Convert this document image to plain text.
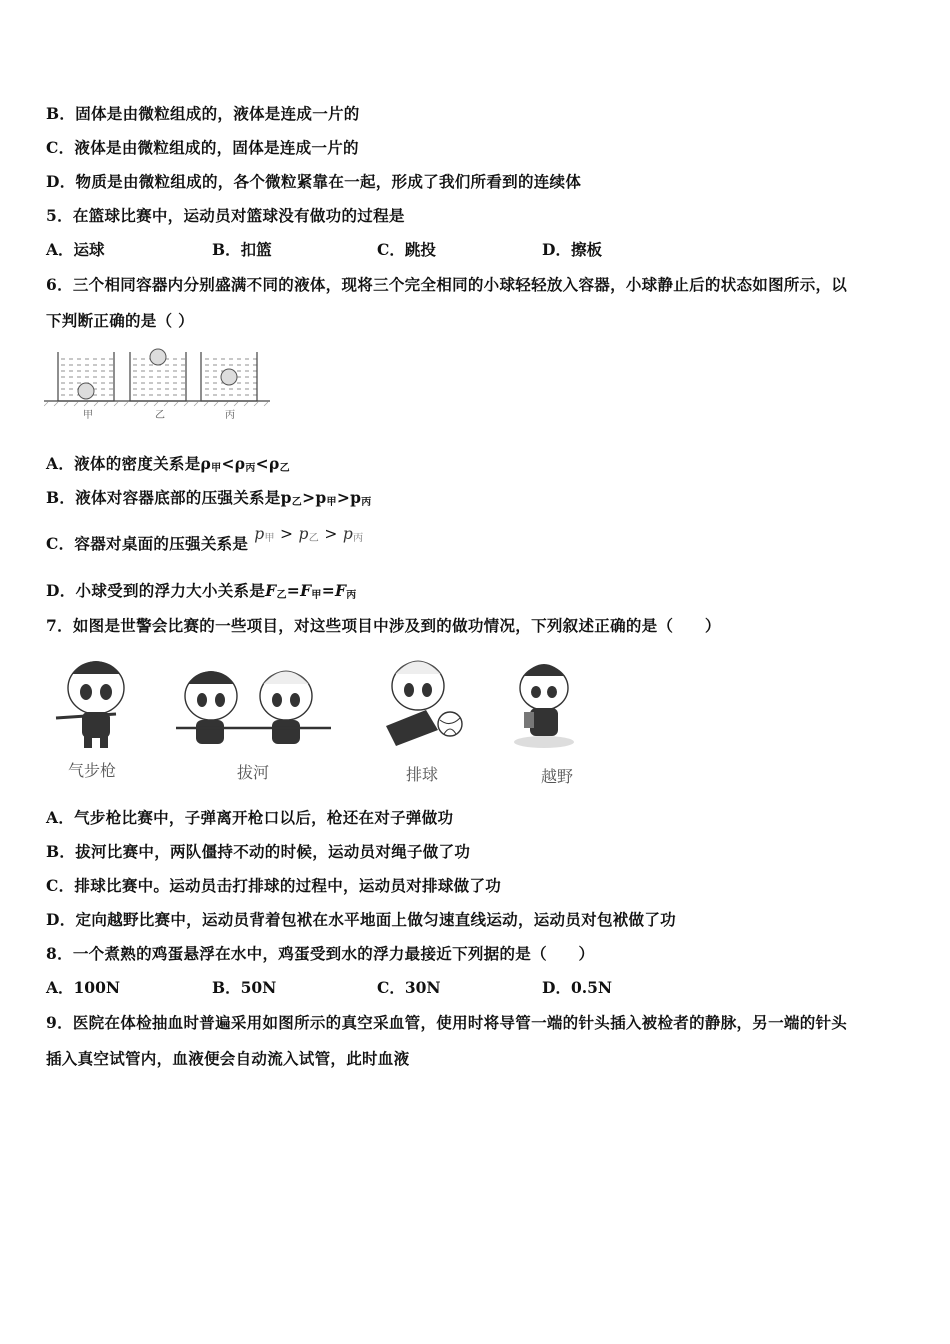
B．固体是由微粒组成的，液体是连成一片的
C．液体是由微粒组成的，固体是连成一片的
D．物质是由微粒组成的，各个微粒紧靠在一起，形成了我们所看到的连续体
5．在篮球比赛中，运动员对篮球没有做功的过程是
A．运球	B．扣篮	C．跳投	D．擦板
6．三个相同容器内分别盛满不同的液体，现将三个完全相同的小球轻轻放入容器，小球静止后的状态如图所示，以
下判断正确的是（ ）
甲	乙	丙
A．液体的密度关系是$\rho_甲<\rho_丙<\rho_乙$
B．液体对容器底部的压强关系是$p_乙>p_甲>p_丙$
C．容器对桌面的压强关系是 $p_甲 > p_乙 > p_丙$
D．小球受到的浮力大小关系是$F_乙=F_甲=F_丙$
7．如图是世警会比赛的一些项目，对这些项目中涉及到的做功情况，下列叙述正确的是（　　）
气步枪	拔河	排球	越野
A．气步枪比赛中，子弹离开枪口以后，枪还在对子弹做功
B．拔河比赛中，两队僵持不动的时候，运动员对绳子做了功
C．排球比赛中。运动员击打排球的过程中，运动员对排球做了功
D．定向越野比赛中，运动员背着包袱在水平地面上做匀速直线运动，运动员对包袱做了功
8．一个煮熟的鸡蛋悬浮在水中，鸡蛋受到水的浮力最接近下列据的是（　　）
A．100N	B．50N	C．30N	D．0.5N
9．医院在体检抽血时普遍采用如图所示的真空采血管，使用时将导管一端的针头插入被检者的静脉，另一端的针头
插入真空试管内，血液便会自动流入试管，此时血液
